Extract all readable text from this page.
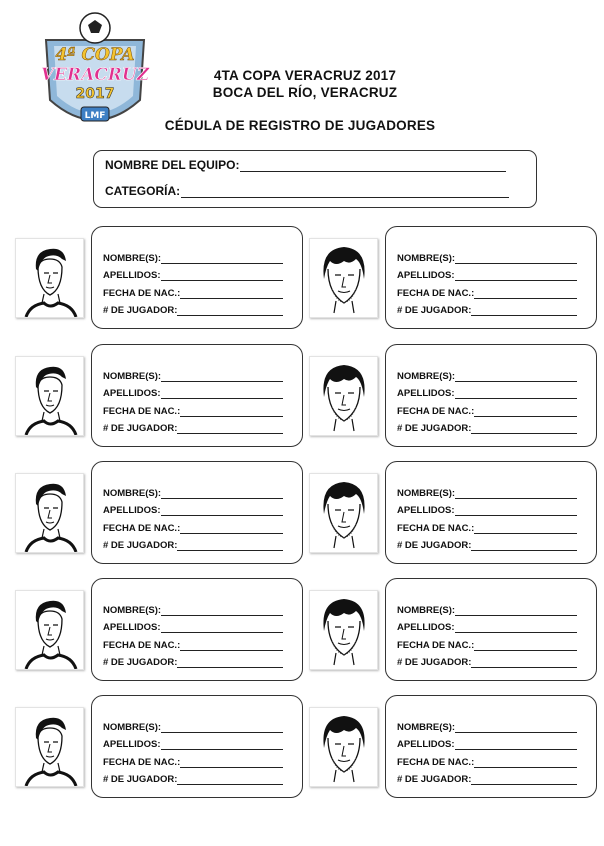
4ª COPA
VERACRUZ
2017
LMF
4TA COPA VERACRUZ 2017
BOCA DEL RÍO, VERACRUZ
CÉDULA DE REGISTRO DE JUGADORES
NOMBRE DEL EQUIPO:
CATEGORÍA:
NOMBRE(S):
APELLIDOS:
FECHA DE NAC.:
# DE JUGADOR:
NOMBRE(S):
APELLIDOS:
FECHA DE NAC.:
# DE JUGADOR:
NOMBRE(S):
APELLIDOS:
FECHA DE NAC.:
# DE JUGADOR:
NOMBRE(S):
APELLIDOS:
FECHA DE NAC.:
# DE JUGADOR:
NOMBRE(S):
APELLIDOS:
FECHA DE NAC.:
# DE JUGADOR:
NOMBRE(S):
APELLIDOS:
FECHA DE NAC.:
# DE JUGADOR:
NOMBRE(S):
APELLIDOS:
FECHA DE NAC.:
# DE JUGADOR:
NOMBRE(S):
APELLIDOS:
FECHA DE NAC.:
# DE JUGADOR:
NOMBRE(S):
APELLIDOS:
FECHA DE NAC.:
# DE JUGADOR:
NOMBRE(S):
APELLIDOS:
FECHA DE NAC.:
# DE JUGADOR:
